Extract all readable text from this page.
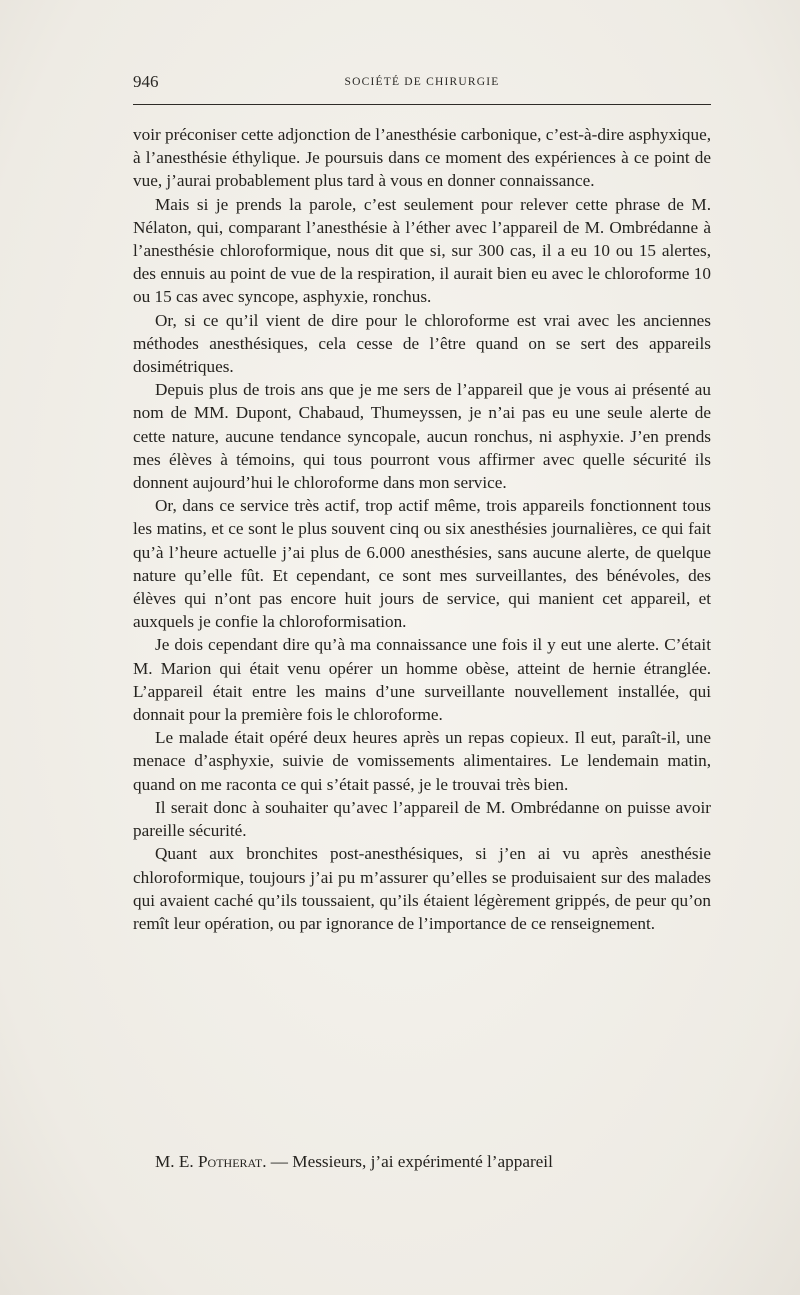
946	SOCIÉTÉ DE CHIRURGIE

voir préconiser cette adjonction de l’anesthésie carbonique, c’est-à-dire asphyxique, à l’anesthésie éthylique. Je poursuis dans ce moment des expériences à ce point de vue, j’aurai probablement plus tard à vous en donner connaissance.

Mais si je prends la parole, c’est seulement pour relever cette phrase de M. Nélaton, qui, comparant l’anesthésie à l’éther avec l’appareil de M. Ombrédanne à l’anesthésie chloroformique, nous dit que si, sur 300 cas, il a eu 10 ou 15 alertes, des ennuis au point de vue de la respiration, il aurait bien eu avec le chloroforme 10 ou 15 cas avec syncope, asphyxie, ronchus.

Or, si ce qu’il vient de dire pour le chloroforme est vrai avec les anciennes méthodes anesthésiques, cela cesse de l’être quand on se sert des appareils dosimétriques.

Depuis plus de trois ans que je me sers de l’appareil que je vous ai présenté au nom de MM. Dupont, Chabaud, Thumeyssen, je n’ai pas eu une seule alerte de cette nature, aucune tendance syncopale, aucun ronchus, ni asphyxie. J’en prends mes élèves à témoins, qui tous pourront vous affirmer avec quelle sécurité ils donnent aujourd’hui le chloroforme dans mon service.

Or, dans ce service très actif, trop actif même, trois appareils fonctionnent tous les matins, et ce sont le plus souvent cinq ou six anesthésies journalières, ce qui fait qu’à l’heure actuelle j’ai plus de 6.000 anesthésies, sans aucune alerte, de quelque nature qu’elle fût. Et cependant, ce sont mes surveillantes, des bénévoles, des élèves qui n’ont pas encore huit jours de service, qui manient cet appareil, et auxquels je confie la chloroformisation.

Je dois cependant dire qu’à ma connaissance une fois il y eut une alerte. C’était M. Marion qui était venu opérer un homme obèse, atteint de hernie étranglée. L’appareil était entre les mains d’une surveillante nouvellement installée, qui donnait pour la première fois le chloroforme.

Le malade était opéré deux heures après un repas copieux. Il eut, paraît-il, une menace d’asphyxie, suivie de vomissements alimentaires. Le lendemain matin, quand on me raconta ce qui s’était passé, je le trouvai très bien.

Il serait donc à souhaiter qu’avec l’appareil de M. Ombrédanne on puisse avoir pareille sécurité.

Quant aux bronchites post-anesthésiques, si j’en ai vu après anesthésie chloroformique, toujours j’ai pu m’assurer qu’elles se produisaient sur des malades qui avaient caché qu’ils toussaient, qu’ils étaient légèrement grippés, de peur qu’on remît leur opération, ou par ignorance de l’importance de ce renseignement.

M. E. Potherat. — Messieurs, j’ai expérimenté l’appareil
